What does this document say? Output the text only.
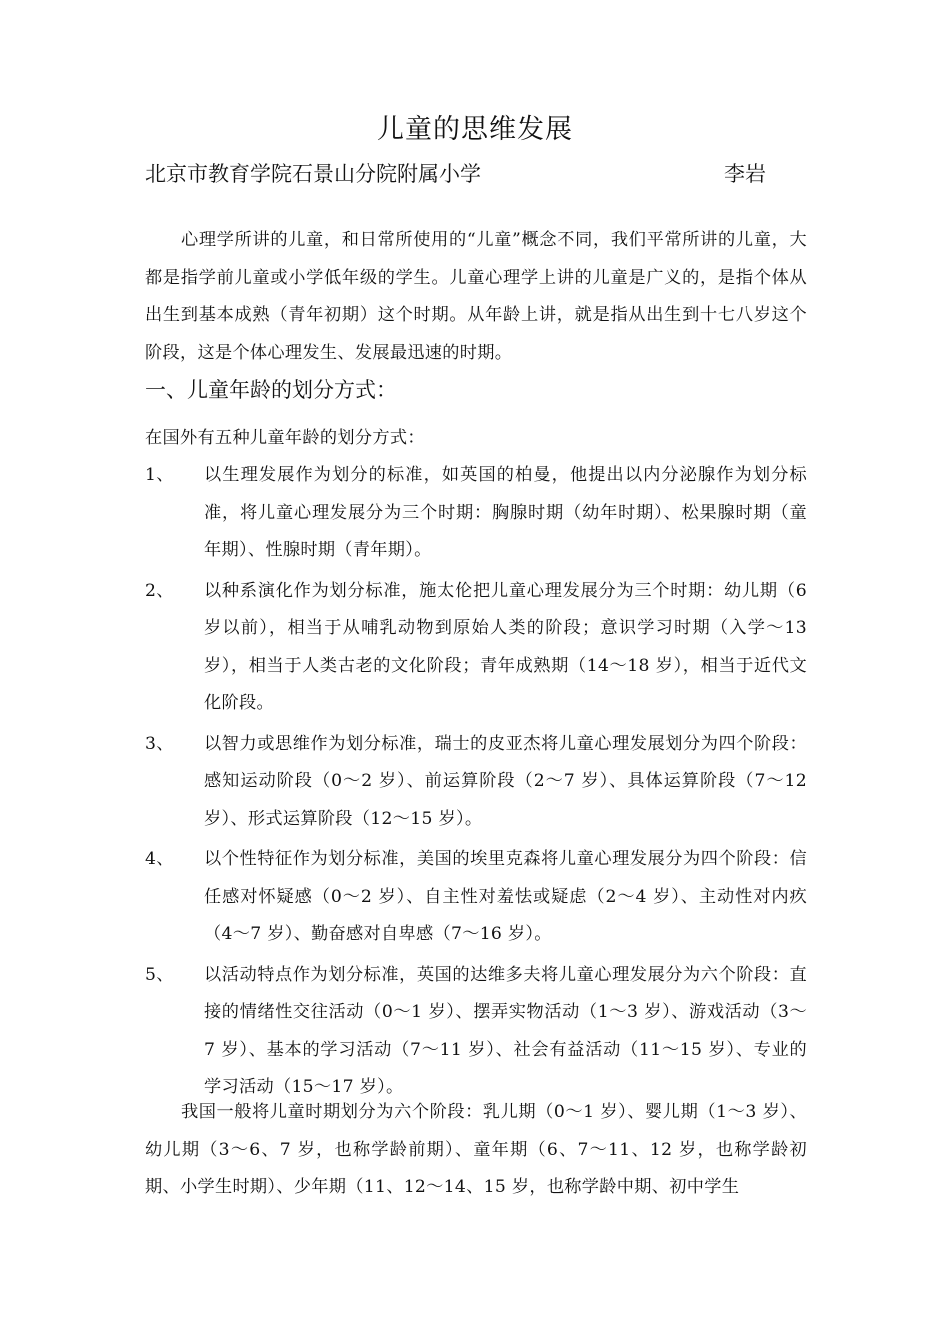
儿童的思维发展
北京市教育学院石景山分院附属小学	李岩
心理学所讲的儿童，和日常所使用的“儿童”概念不同，我们平常所讲的儿童，大都是指学前儿童或小学低年级的学生。儿童心理学上讲的儿童是广义的，是指个体从出生到基本成熟（青年初期）这个时期。从年龄上讲，就是指从出生到十七八岁这个阶段，这是个体心理发生、发展最迅速的时期。
一、儿童年龄的划分方式：
在国外有五种儿童年龄的划分方式：
1、 以生理发展作为划分的标准，如英国的柏曼，他提出以内分泌腺作为划分标准，将儿童心理发展分为三个时期：胸腺时期（幼年时期）、松果腺时期（童年期）、性腺时期（青年期）。
2、 以种系演化作为划分标准，施太伦把儿童心理发展分为三个时期：幼儿期（6 岁以前），相当于从哺乳动物到原始人类的阶段；意识学习时期（入学～13 岁），相当于人类古老的文化阶段；青年成熟期（14～18 岁），相当于近代文化阶段。
3、 以智力或思维作为划分标准，瑞士的皮亚杰将儿童心理发展划分为四个阶段：感知运动阶段（0～2 岁）、前运算阶段（2～7 岁）、具体运算阶段（7～12 岁）、形式运算阶段（12～15 岁）。
4、 以个性特征作为划分标准，美国的埃里克森将儿童心理发展分为四个阶段：信任感对怀疑感（0～2 岁）、自主性对羞怯或疑虑（2～4 岁）、主动性对内疚（4～7 岁）、勤奋感对自卑感（7～16 岁）。
5、 以活动特点作为划分标准，英国的达维多夫将儿童心理发展分为六个阶段：直接的情绪性交往活动（0～1 岁）、摆弄实物活动（1～3 岁）、游戏活动（3～7 岁）、基本的学习活动（7～11 岁）、社会有益活动（11～15 岁）、专业的学习活动（15～17 岁）。
我国一般将儿童时期划分为六个阶段：乳儿期（0～1 岁）、婴儿期（1～3 岁）、幼儿期（3～6、7 岁，也称学龄前期）、童年期（6、7～11、12 岁，也称学龄初期、小学生时期）、少年期（11、12～14、15 岁，也称学龄中期、初中学生
